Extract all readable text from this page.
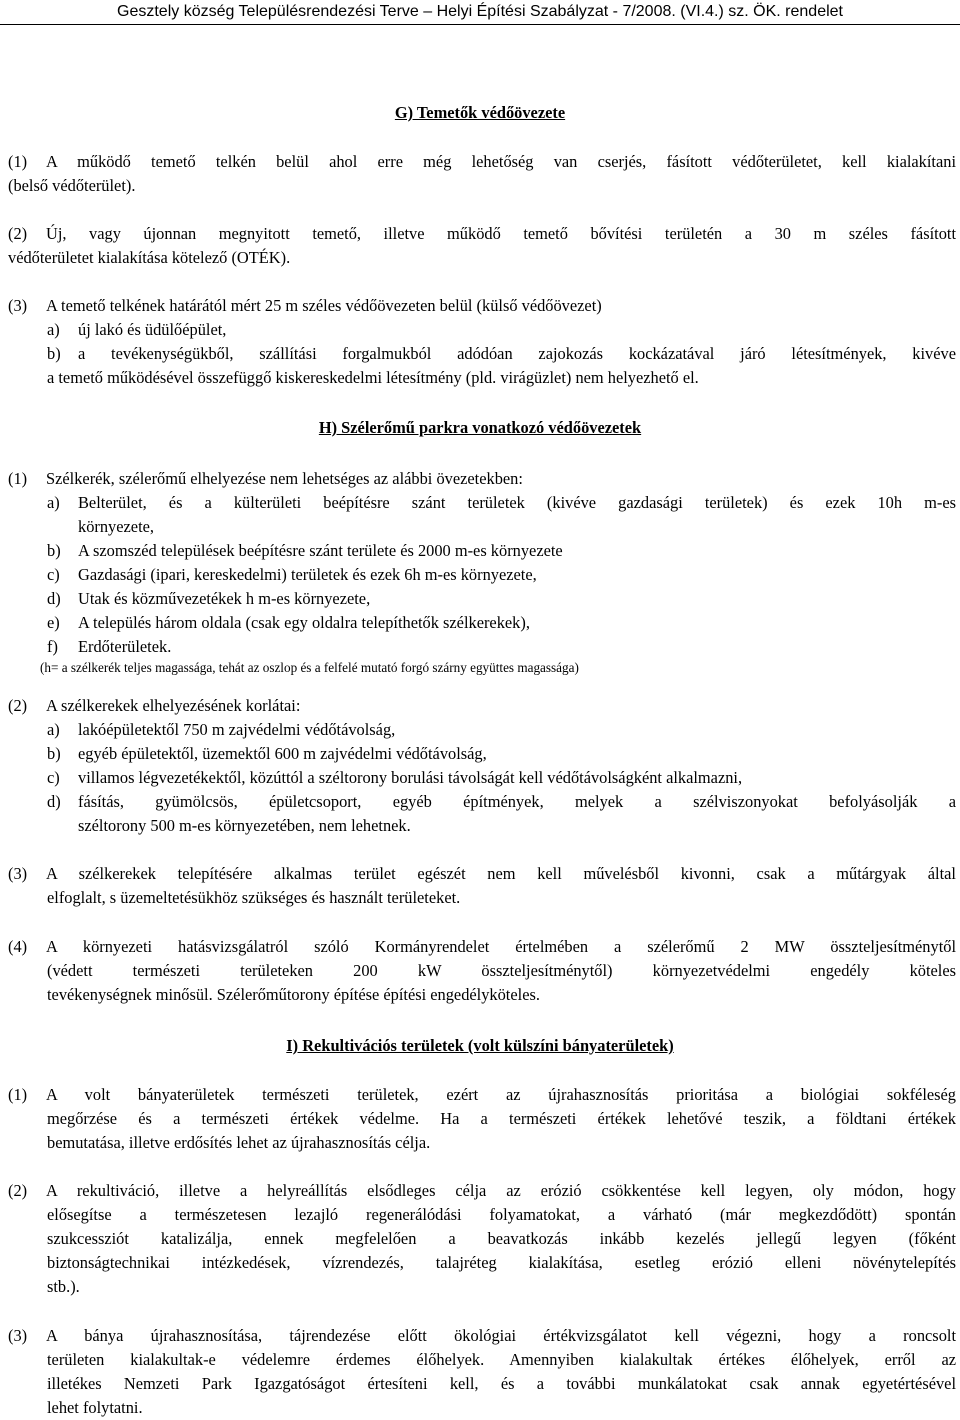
Gesztely község Településrendezési Terve – Helyi Építési Szabályzat - 7/2008. (VI.4.) sz. ÖK. rendelet
G) Temetők védőövezete
(1) A működő temető telkén belül ahol erre még lehetőség van cserjés, fásított védőterületet, kell kialakítani
(belső védőterület).
(2) Új, vagy újonnan megnyitott temető, illetve működő temető bővítési területén a 30 m széles fásított
védőterületet kialakítása kötelező (OTÉK).
(3) A temető telkének határától mért 25 m széles védőövezeten belül (külső védőövezet)
a) új lakó és üdülőépület,
b) a tevékenységükből, szállítási forgalmukból adódóan zajokozás kockázatával járó létesítmények, kivéve
a temető működésével összefüggő kiskereskedelmi létesítmény (pld. virágüzlet) nem helyezhető el.
H) Szélerőmű parkra vonatkozó védőövezetek
(1) Szélkerék, szélerőmű elhelyezése nem lehetséges az alábbi övezetekben:
a) Belterület, és a külterületi beépítésre szánt területek (kivéve gazdasági területek) és ezek 10h m-es
környezete,
b) A szomszéd települések beépítésre szánt területe és 2000 m-es környezete
c) Gazdasági (ipari, kereskedelmi) területek és ezek 6h m-es környezete,
d) Utak és közművezetékek h m-es környezete,
e) A település három oldala (csak egy oldalra telepíthetők szélkerekek),
f) Erdőterületek.
(h= a szélkerék teljes magassága, tehát az oszlop és a felfelé mutató forgó szárny együttes magassága)
(2) A szélkerekek elhelyezésének korlátai:
a) lakóépületektől 750 m zajvédelmi védőtávolság,
b) egyéb épületektől, üzemektől 600 m zajvédelmi védőtávolság,
c) villamos légvezetékektől, közúttól a széltorony borulási távolságát kell védőtávolságként alkalmazni,
d) fásítás, gyümölcsös, épületcsoport, egyéb építmények, melyek a szélviszonyokat befolyásolják a
széltorony 500 m-es környezetében, nem lehetnek.
(3) A szélkerekek telepítésére alkalmas terület egészét nem kell művelésből kivonni, csak a műtárgyak által
elfoglalt, s üzemeltetésükhöz szükséges és használt területeket.
(4) A környezeti hatásvizsgálatról szóló Kormányrendelet értelmében a szélerőmű 2 MW összteljesítménytől
(védett természeti területeken 200 kW összteljesítménytől) környezetvédelmi engedély köteles
tevékenységnek minősül. Szélerőműtorony építése építési engedélyköteles.
I) Rekultivációs területek (volt külszíni bányaterületek)
(1) A volt bányaterületek természeti területek, ezért az újrahasznosítás prioritása a biológiai sokféleség
megőrzése és a természeti értékek védelme. Ha a természeti értékek lehetővé teszik, a földtani értékek
bemutatása, illetve erdősítés lehet az újrahasznosítás célja.
(2) A rekultiváció, illetve a helyreállítás elsődleges célja az erózió csökkentése kell legyen, oly módon, hogy
elősegítse a természetesen lezajló regenerálódási folyamatokat, a várható (már megkezdődött) spontán
szukcessziót katalizálja, ennek megfelelően a beavatkozás inkább kezelés jellegű legyen (főként
biztonságtechnikai intézkedések, vízrendezés, talajréteg kialakítása, esetleg erózió elleni növénytelepítés
stb.).
(3) A bánya újrahasznosítása, tájrendezése előtt ökológiai értékvizsgálatot kell végezni, hogy a roncsolt
területen kialakultak-e védelemre érdemes élőhelyek. Amennyiben kialakultak értékes élőhelyek, erről az
illetékes Nemzeti Park Igazgatóságot értesíteni kell, és a további munkálatokat csak annak egyetértésével
lehet folytatni.
